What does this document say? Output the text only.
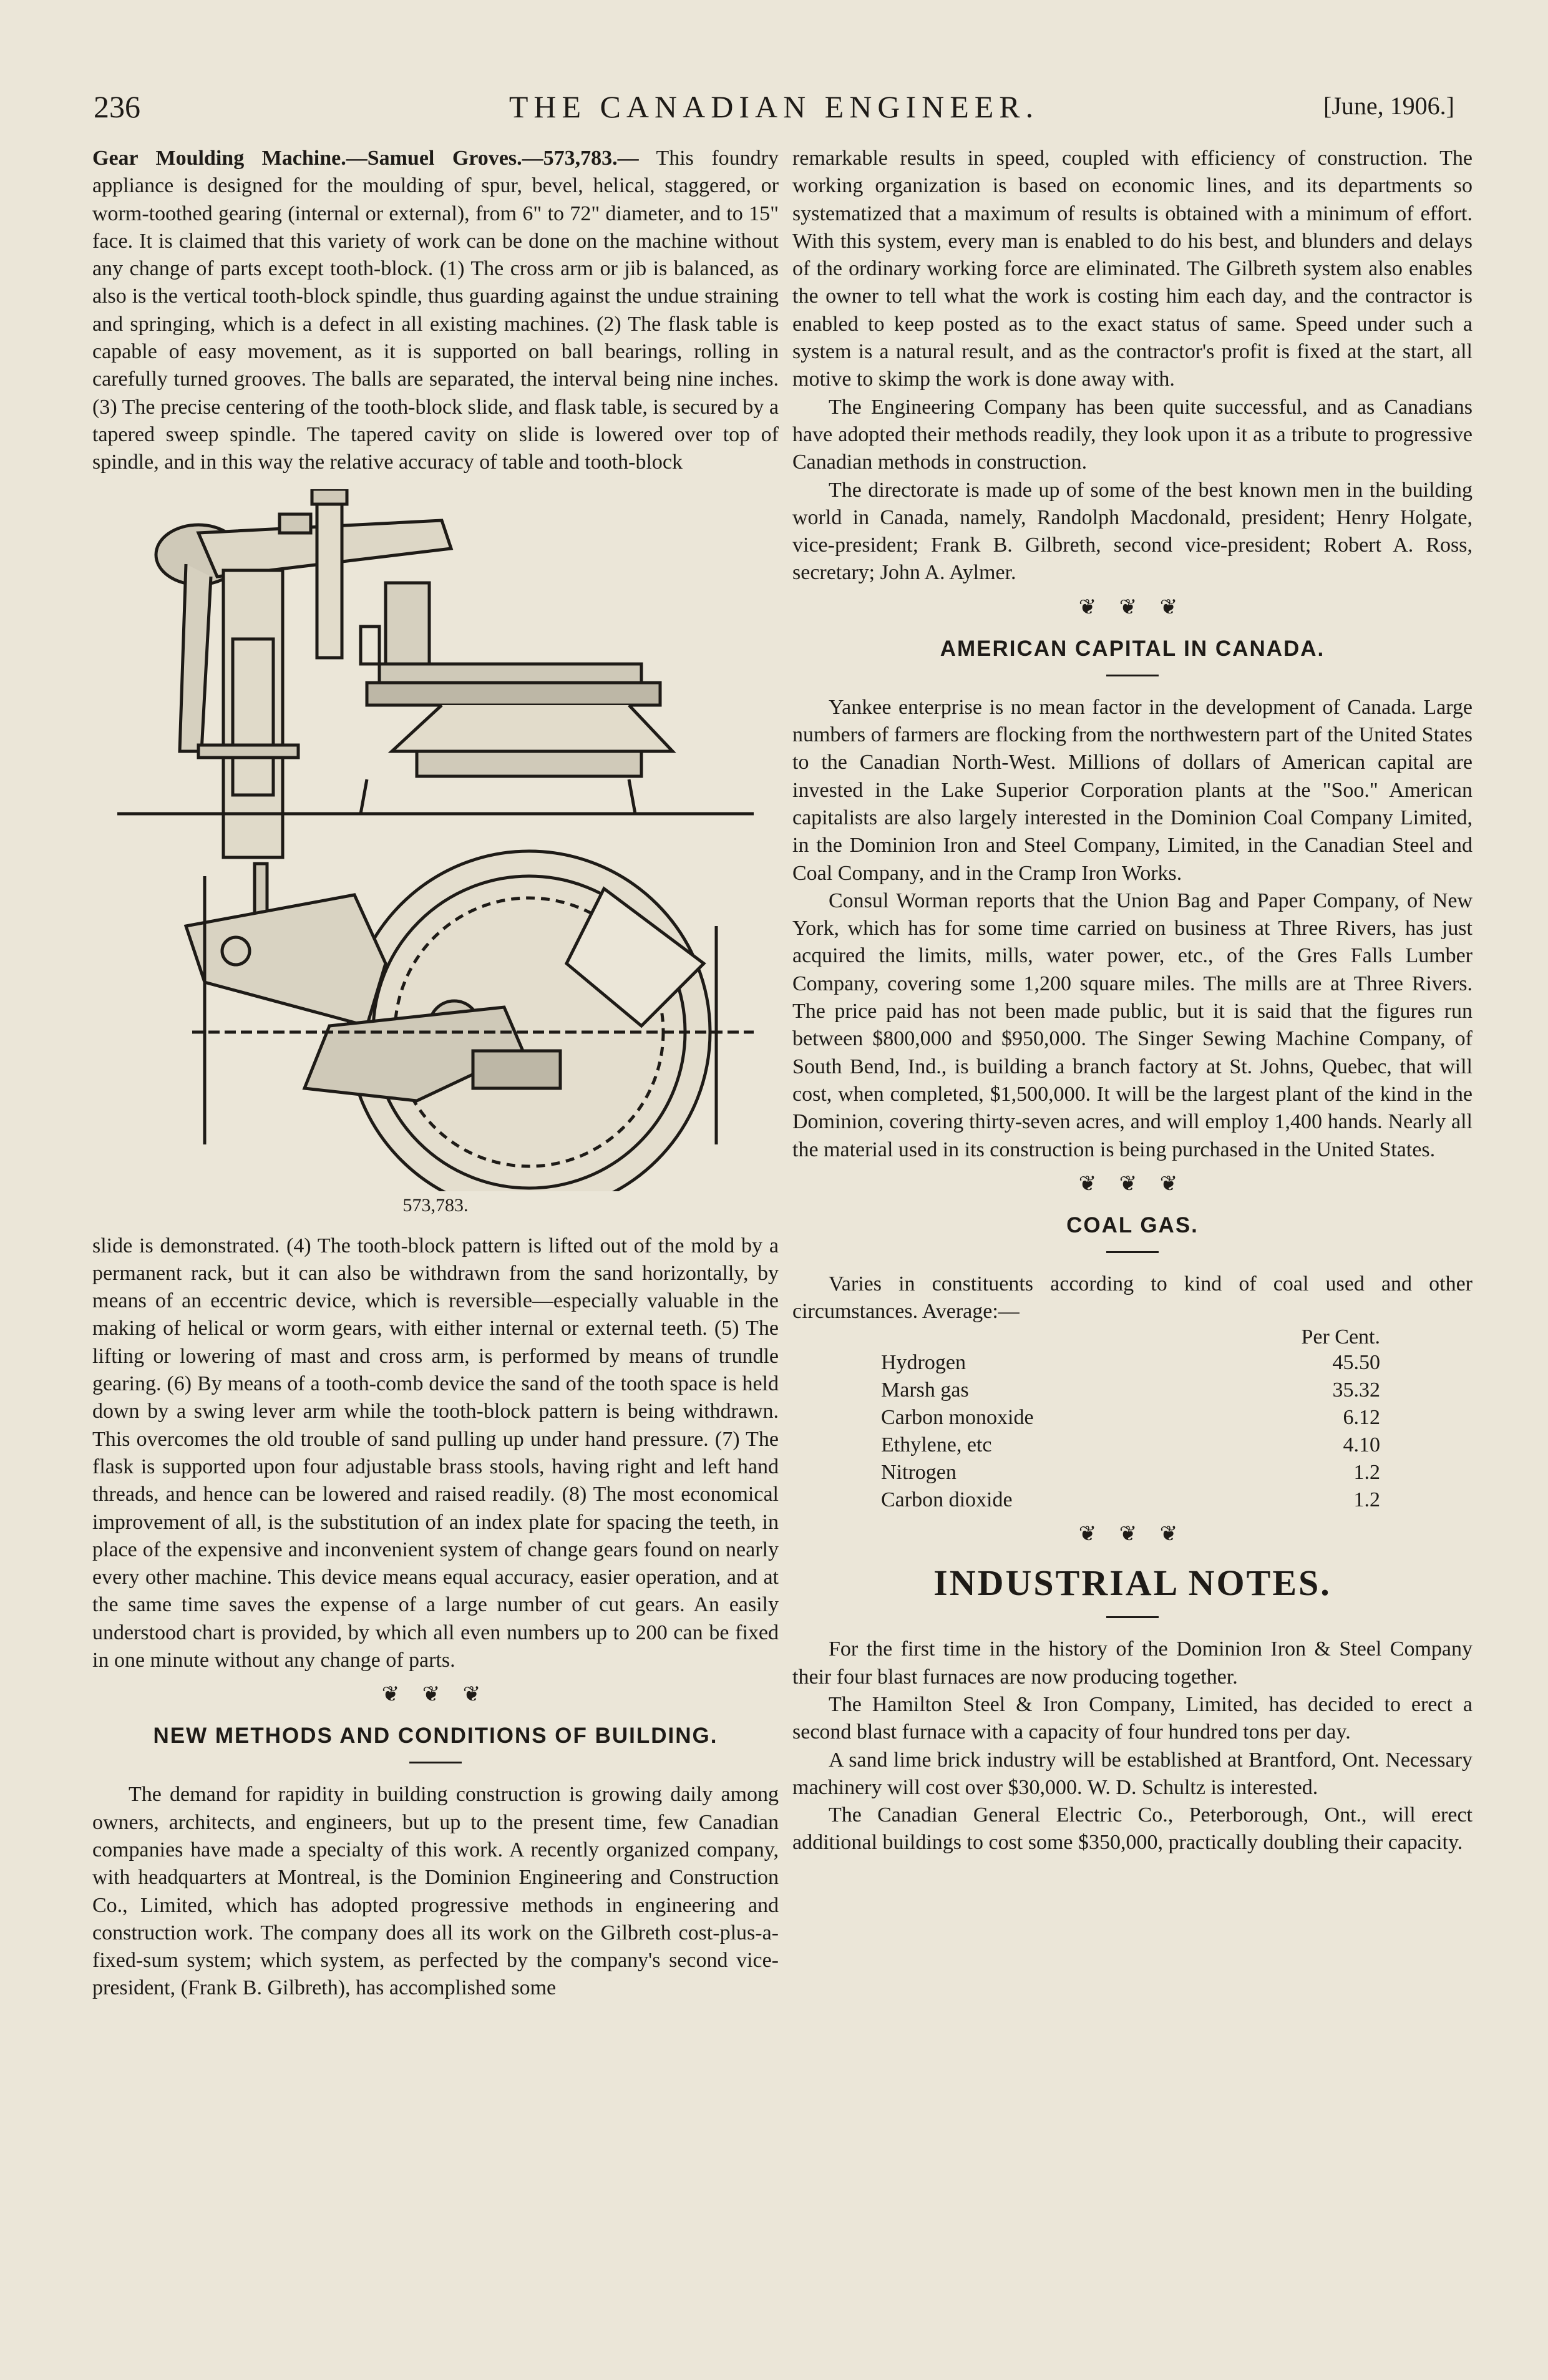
236	THE CANADIAN ENGINEER.	[June, 1906.]

Gear Moulding Machine.—Samuel Groves.—573,783.— This foundry appliance is designed for the moulding of spur, bevel, helical, staggered, or worm-toothed gearing (internal or external), from 6" to 72" diameter, and to 15" face. It is claimed that this variety of work can be done on the machine without any change of parts except tooth-block. (1) The cross arm or jib is balanced, as also is the vertical tooth-block spindle, thus guarding against the undue straining and springing, which is a defect in all existing machines. (2) The flask table is capable of easy movement, as it is supported on ball bearings, rolling in carefully turned grooves. The balls are separated, the interval being nine inches. (3) The precise centering of the tooth-block slide, and flask table, is secured by a tapered sweep spindle. The tapered cavity on slide is lowered over top of spindle, and in this way the relative accuracy of table and tooth-block

573,783.

slide is demonstrated. (4) The tooth-block pattern is lifted out of the mold by a permanent rack, but it can also be withdrawn from the sand horizontally, by means of an eccentric device, which is reversible—especially valuable in the making of helical or worm gears, with either internal or external teeth. (5) The lifting or lowering of mast and cross arm, is performed by means of trundle gearing. (6) By means of a tooth-comb device the sand of the tooth space is held down by a swing lever arm while the tooth-block pattern is being withdrawn. This overcomes the old trouble of sand pulling up under hand pressure. (7) The flask is supported upon four adjustable brass stools, having right and left hand threads, and hence can be lowered and raised readily. (8) The most economical improvement of all, is the substitution of an index plate for spacing the teeth, in place of the expensive and inconvenient system of change gears found on nearly every other machine. This device means equal accuracy, easier operation, and at the same time saves the expense of a large number of cut gears. An easily understood chart is provided, by which all even numbers up to 200 can be fixed in one minute without any change of parts.

❦ ❦ ❦
NEW METHODS AND CONDITIONS OF BUILDING.

The demand for rapidity in building construction is growing daily among owners, architects, and engineers, but up to the present time, few Canadian companies have made a specialty of this work. A recently organized company, with headquarters at Montreal, is the Dominion Engineering and Construction Co., Limited, which has adopted progressive methods in engineering and construction work. The company does all its work on the Gilbreth cost-plus-a-fixed-sum system; which system, as perfected by the company's second vice-president, (Frank B. Gilbreth), has accomplished some

remarkable results in speed, coupled with efficiency of construction. The working organization is based on economic lines, and its departments so systematized that a maximum of results is obtained with a minimum of effort. With this system, every man is enabled to do his best, and blunders and delays of the ordinary working force are eliminated. The Gilbreth system also enables the owner to tell what the work is costing him each day, and the contractor is enabled to keep posted as to the exact status of same. Speed under such a system is a natural result, and as the contractor's profit is fixed at the start, all motive to skimp the work is done away with.

The Engineering Company has been quite successful, and as Canadians have adopted their methods readily, they look upon it as a tribute to progressive Canadian methods in construction.

The directorate is made up of some of the best known men in the building world in Canada, namely, Randolph Macdonald, president; Henry Holgate, vice-president; Frank B. Gilbreth, second vice-president; Robert A. Ross, secretary; John A. Aylmer.

❦ ❦ ❦
AMERICAN CAPITAL IN CANADA.

Yankee enterprise is no mean factor in the development of Canada. Large numbers of farmers are flocking from the northwestern part of the United States to the Canadian North-West. Millions of dollars of American capital are invested in the Lake Superior Corporation plants at the "Soo." American capitalists are also largely interested in the Dominion Coal Company Limited, in the Dominion Iron and Steel Company, Limited, in the Canadian Steel and Coal Company, and in the Cramp Iron Works.

Consul Worman reports that the Union Bag and Paper Company, of New York, which has for some time carried on business at Three Rivers, has just acquired the limits, mills, water power, etc., of the Gres Falls Lumber Company, covering some 1,200 square miles. The mills are at Three Rivers. The price paid has not been made public, but it is said that the figures run between $800,000 and $950,000. The Singer Sewing Machine Company, of South Bend, Ind., is building a branch factory at St. Johns, Quebec, that will cost, when completed, $1,500,000. It will be the largest plant of the kind in the Dominion, covering thirty-seven acres, and will employ 1,400 hands. Nearly all the material used in its construction is being purchased in the United States.

❦ ❦ ❦
COAL GAS.

Varies in constituents according to kind of coal used and other circumstances. Average:—

Per Cent.
Hydrogen	45.50
Marsh gas	35.32
Carbon monoxide	6.12
Ethylene, etc	4.10
Nitrogen	1.2
Carbon dioxide	1.2
❦ ❦ ❦
INDUSTRIAL NOTES.

For the first time in the history of the Dominion Iron & Steel Company their four blast furnaces are now producing together.

The Hamilton Steel & Iron Company, Limited, has decided to erect a second blast furnace with a capacity of four hundred tons per day.

A sand lime brick industry will be established at Brantford, Ont. Necessary machinery will cost over $30,000. W. D. Schultz is interested.

The Canadian General Electric Co., Peterborough, Ont., will erect additional buildings to cost some $350,000, practically doubling their capacity.
